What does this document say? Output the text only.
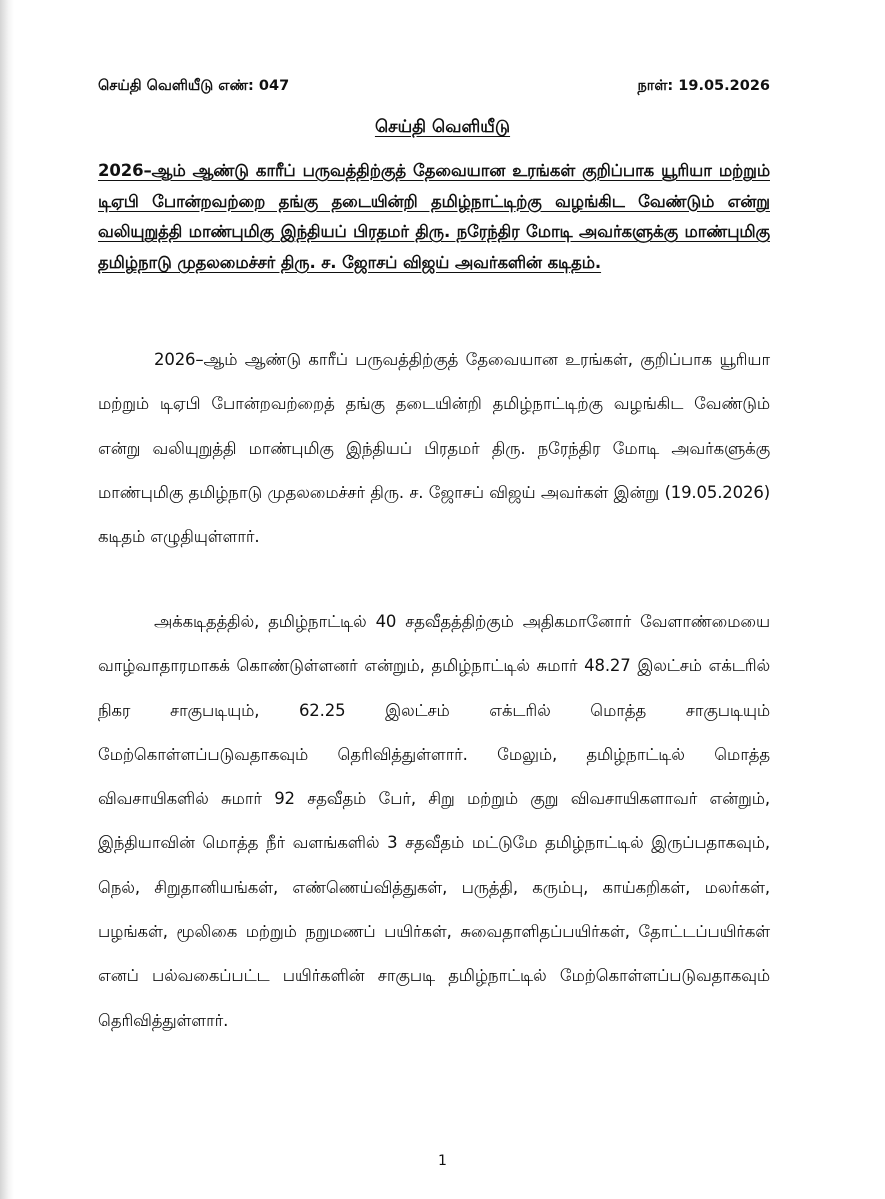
செய்தி வெளியீடு எண்: 047	நாள்: 19.05.2026
செய்தி வெளியீடு

2026–ஆம் ஆண்டு காரீப் பருவத்திற்குத் தேவையான உரங்கள் குறிப்பாக யூரியா மற்றும் டிஏபி போன்றவற்றை தங்கு தடையின்றி தமிழ்நாட்டிற்கு வழங்கிட வேண்டும் என்று வலியுறுத்தி மாண்புமிகு இந்தியப் பிரதமர் திரு. நரேந்திர மோடி அவர்களுக்கு மாண்புமிகு தமிழ்நாடு முதலமைச்சர் திரு. ச. ஜோசப் விஜய் அவர்களின் கடிதம்.

2026–ஆம் ஆண்டு காரீப் பருவத்திற்குத் தேவையான உரங்கள், குறிப்பாக யூரியா மற்றும் டிஏபி போன்றவற்றைத் தங்கு தடையின்றி தமிழ்நாட்டிற்கு வழங்கிட வேண்டும் என்று வலியுறுத்தி மாண்புமிகு இந்தியப் பிரதமர் திரு. நரேந்திர மோடி அவர்களுக்கு மாண்புமிகு தமிழ்நாடு முதலமைச்சர் திரு. ச. ஜோசப் விஜய் அவர்கள் இன்று (19.05.2026) கடிதம் எழுதியுள்ளார்.

அக்கடிதத்தில், தமிழ்நாட்டில் 40 சதவீதத்திற்கும் அதிகமானோர் வேளாண்மையை வாழ்வாதாரமாகக் கொண்டுள்ளனர் என்றும், தமிழ்நாட்டில் சுமார் 48.27 இலட்சம் எக்டரில் நிகர சாகுபடியும், 62.25 இலட்சம் எக்டரில் மொத்த சாகுபடியும் மேற்கொள்ளப்படுவதாகவும் தெரிவித்துள்ளார். மேலும், தமிழ்நாட்டில் மொத்த விவசாயிகளில் சுமார் 92 சதவீதம் பேர், சிறு மற்றும் குறு விவசாயிகளாவர் என்றும், இந்தியாவின் மொத்த நீர் வளங்களில் 3 சதவீதம் மட்டுமே தமிழ்நாட்டில் இருப்பதாகவும், நெல், சிறுதானியங்கள், எண்ணெய்வித்துகள், பருத்தி, கரும்பு, காய்கறிகள், மலர்கள், பழங்கள், மூலிகை மற்றும் நறுமணப் பயிர்கள், சுவைதாளிதப்பயிர்கள், தோட்டப்பயிர்கள் எனப் பல்வகைப்பட்ட பயிர்களின் சாகுபடி தமிழ்நாட்டில் மேற்கொள்ளப்படுவதாகவும் தெரிவித்துள்ளார்.

1
